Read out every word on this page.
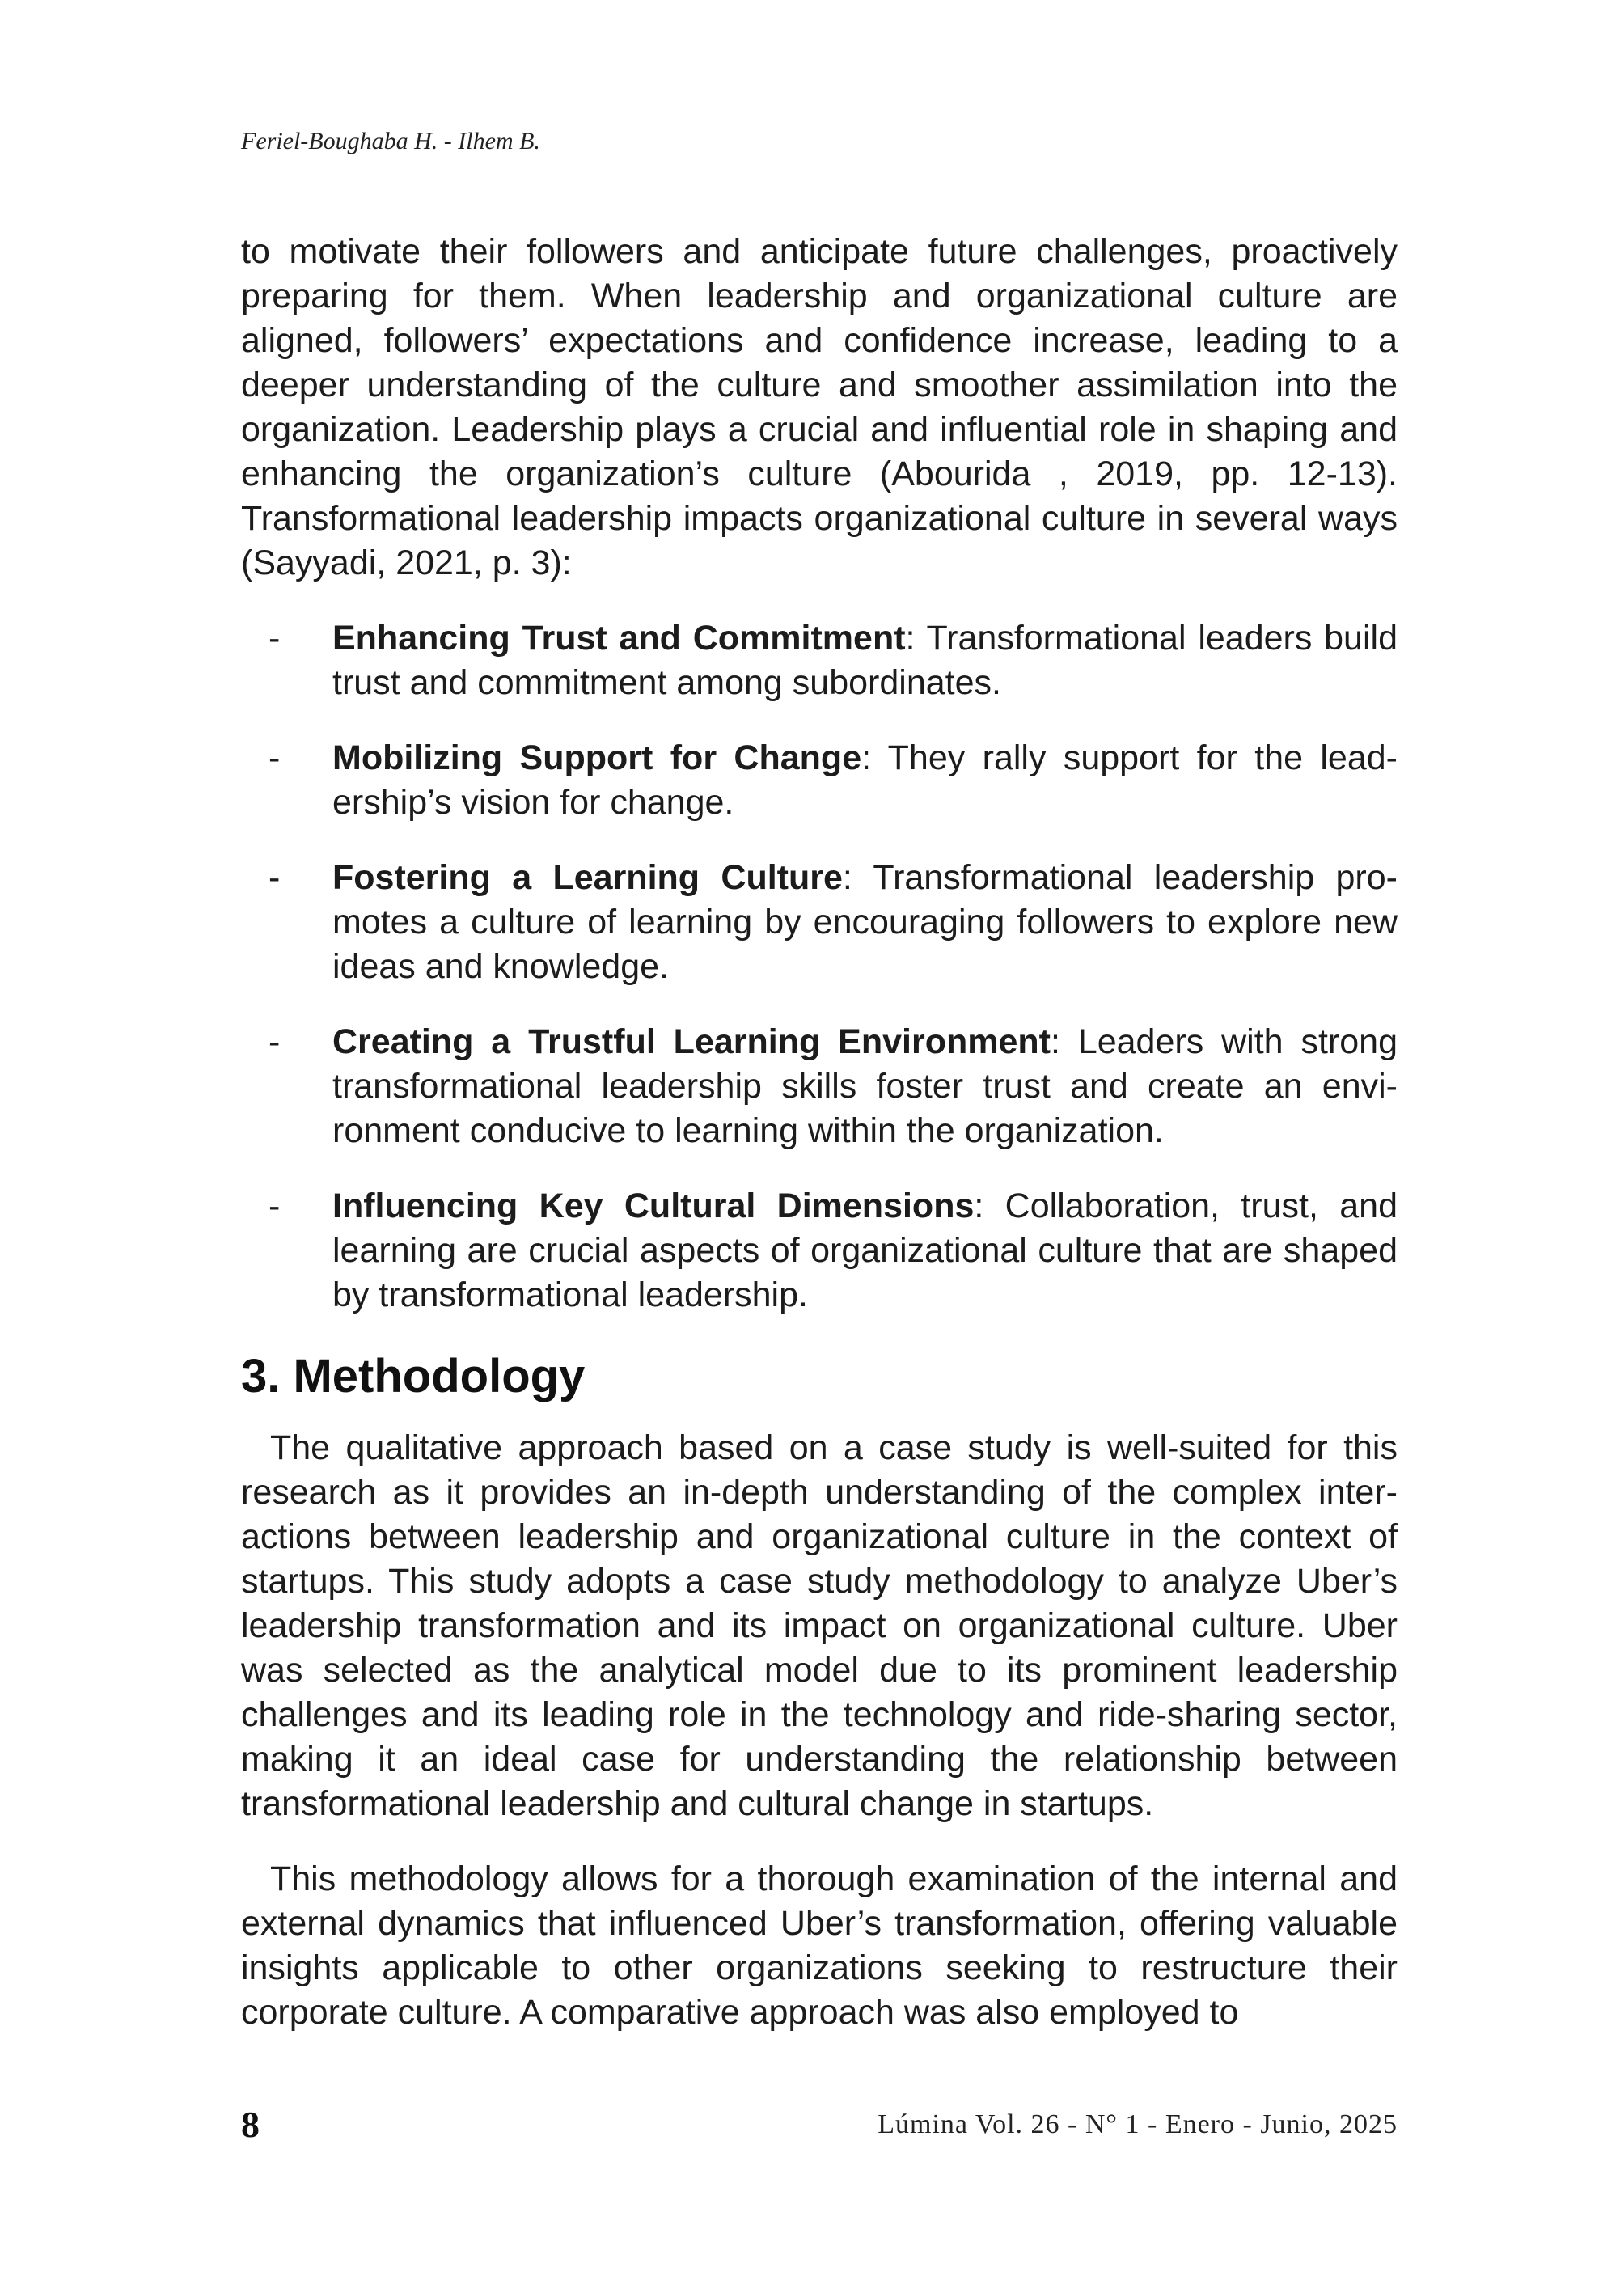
Feriel-Boughaba H. - Ilhem B.

to motivate their followers and anticipate future challenges, proactively preparing for them. When leadership and organizational culture are aligned, followers’ expectations and confidence increase, leading to a deeper understanding of the culture and smoother assimilation into the organization. Leadership plays a crucial and influential role in shaping and enhancing the organization’s culture (Abourida , 2019, pp. 12-13). Transformational leadership impacts organizational culture in several ways (Sayyadi, 2021, p. 3):

- Enhancing Trust and Commitment: Transformational leaders build trust and commitment among subordinates.
- Mobilizing Support for Change: They rally support for the leadership’s vision for change.
- Fostering a Learning Culture: Transformational leadership promotes a culture of learning by encouraging followers to explore new ideas and knowledge.
- Creating a Trustful Learning Environment: Leaders with strong transformational leadership skills foster trust and create an environment conducive to learning within the organization.
- Influencing Key Cultural Dimensions: Collaboration, trust, and learning are crucial aspects of organizational culture that are shaped by transformational leadership.
3. Methodology

The qualitative approach based on a case study is well-suited for this research as it provides an in-depth understanding of the complex interactions between leadership and organizational culture in the context of startups. This study adopts a case study methodology to analyze Uber’s leadership transformation and its impact on organizational culture. Uber was selected as the analytical model due to its prominent leadership challenges and its leading role in the technology and ride-sharing sector, making it an ideal case for understanding the relationship between transformational leadership and cultural change in startups.

This methodology allows for a thorough examination of the internal and external dynamics that influenced Uber’s transformation, offering valuable insights applicable to other organizations seeking to restructure their corporate culture. A comparative approach was also employed to

8	Lúmina Vol. 26 - N° 1 - Enero - Junio, 2025
